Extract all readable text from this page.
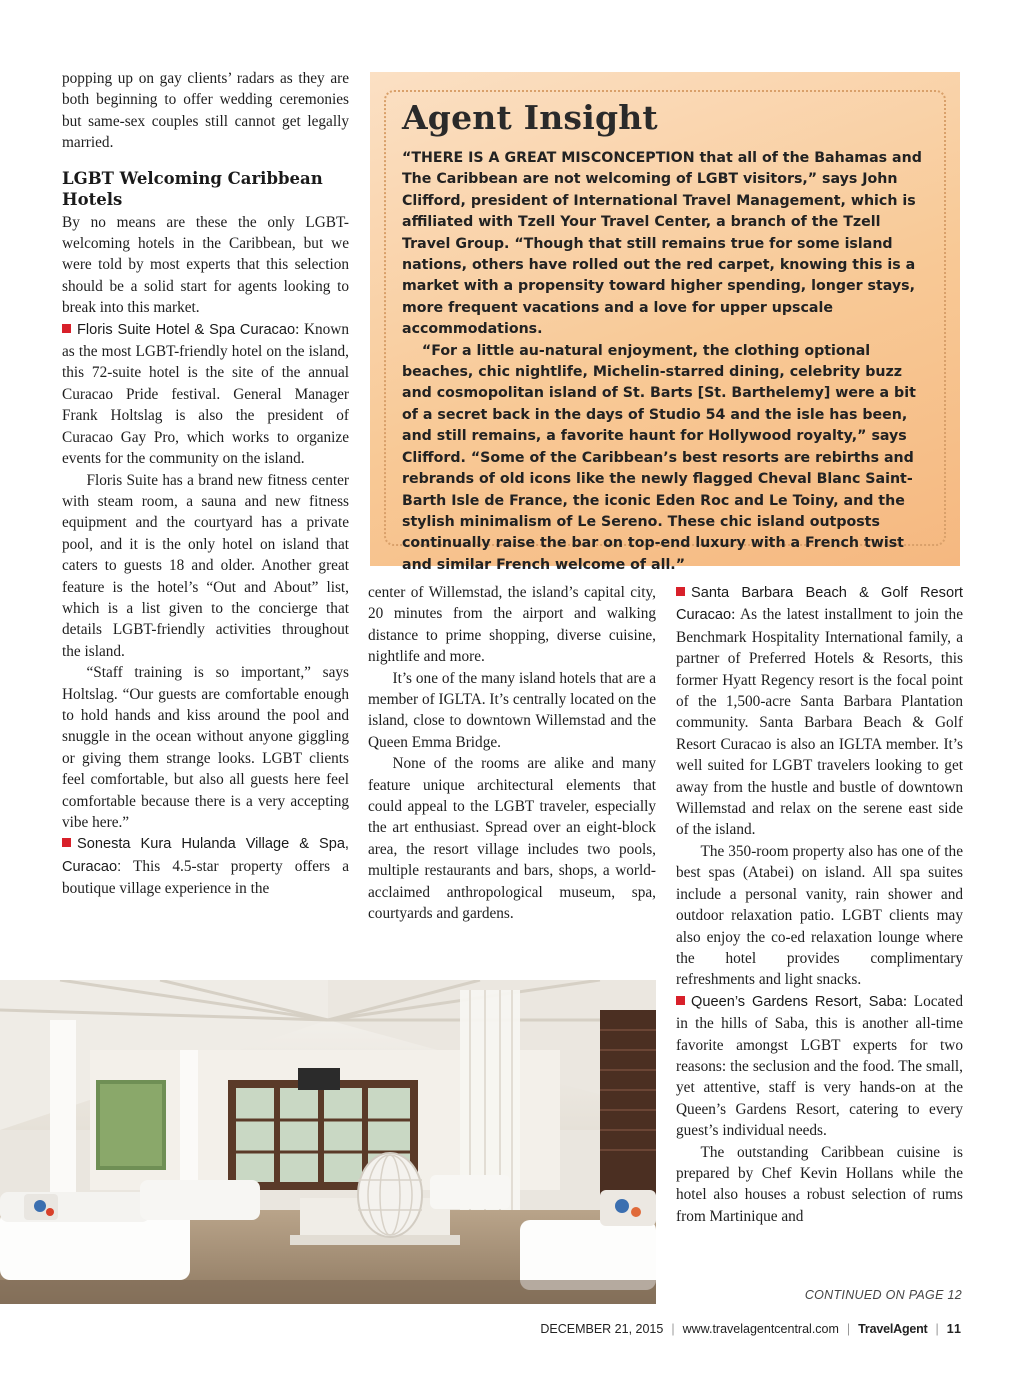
popping up on gay clients’ radars as they are both beginning to offer wedding ceremonies but same-sex couples still cannot get legally married.

LGBT Welcoming Caribbean Hotels

By no means are these the only LGBT-welcoming hotels in the Caribbean, but we were told by most experts that this selection should be a solid start for agents looking to break into this market.

Floris Suite Hotel & Spa Curacao: Known as the most LGBT-friendly hotel on the island, this 72-suite hotel is the site of the annual Curacao Pride festival. General Manager Frank Holtslag is also the president of Curacao Gay Pro, which works to organize events for the community on the island.

Floris Suite has a brand new fitness center with steam room, a sauna and new fitness equipment and the courtyard has a private pool, and it is the only hotel on island that caters to guests 18 and older. Another great feature is the hotel’s “Out and About” list, which is a list given to the concierge that details LGBT-friendly activities throughout the island.

“Staff training is so important,” says Holtslag. “Our guests are comfortable enough to hold hands and kiss around the pool and snuggle in the ocean without anyone giggling or giving them strange looks. LGBT clients feel comfortable, but also all guests here feel comfortable because there is a very accepting vibe here.”

Sonesta Kura Hulanda Village & Spa, Curacao: This 4.5-star property offers a boutique village experience in the

Agent Insight

“THERE IS A GREAT MISCONCEPTION that all of the Bahamas and The Caribbean are not welcoming of LGBT visitors,” says John Clifford, president of International Travel Management, which is affiliated with Tzell Your Travel Center, a branch of the Tzell Travel Group. “Though that still remains true for some island nations, others have rolled out the red carpet, knowing this is a market with a propensity toward higher spending, longer stays, more frequent vacations and a love for upper upscale accommodations.

“For a little au-natural enjoyment, the clothing optional beaches, chic nightlife, Michelin-starred dining, celebrity buzz and cosmopolitan island of St. Barts [St. Barthelemy] were a bit of a secret back in the days of Studio 54 and the isle has been, and still remains, a favorite haunt for Hollywood royalty,” says Clifford. “Some of the Caribbean’s best resorts are rebirths and rebrands of old icons like the newly flagged Cheval Blanc Saint-Barth Isle de France, the iconic Eden Roc and Le Toiny, and the stylish minimalism of Le Sereno. These chic island outposts continually raise the bar on top-end luxury with a French twist and similar French welcome of all.”

center of Willemstad, the island’s capital city, 20 minutes from the airport and walking distance to prime shopping, diverse cuisine, nightlife and more.

It’s one of the many island hotels that are a member of IGLTA. It’s centrally located on the island, close to downtown Willemstad and the Queen Emma Bridge.

None of the rooms are alike and many feature unique architectural elements that could appeal to the LGBT traveler, especially the art enthusiast. Spread over an eight-block area, the resort village includes two pools, multiple restaurants and bars, shops, a world-acclaimed anthropological museum, spa, courtyards and gardens.

Santa Barbara Beach & Golf Resort Curacao: As the latest installment to join the Benchmark Hospitality International family, a partner of Preferred Hotels & Resorts, this former Hyatt Regency resort is the focal point of the 1,500-acre Santa Barbara Plantation community. Santa Barbara Beach & Golf Resort Curacao is also an IGLTA member. It’s well suited for LGBT travelers looking to get away from the hustle and bustle of downtown Willemstad and relax on the serene east side of the island.

The 350-room property also has one of the best spas (Atabei) on island. All spa suites include a personal vanity, rain shower and outdoor relaxation patio. LGBT clients may also enjoy the co-ed relaxation lounge where the hotel provides complimentary refreshments and light snacks.

Queen’s Gardens Resort, Saba: Located in the hills of Saba, this is another all-time favorite amongst LGBT experts for two reasons: the seclusion and the food. The small, yet attentive, staff is very hands-on at the Queen’s Gardens Resort, catering to every guest’s individual needs.

The outstanding Caribbean cuisine is prepared by Chef Kevin Hollans while the hotel also houses a robust selection of rums from Martinique and

CONTINUED ON PAGE 12
DECEMBER 21, 2015 | www.travelagentcentral.com | TravelAgent | 11
